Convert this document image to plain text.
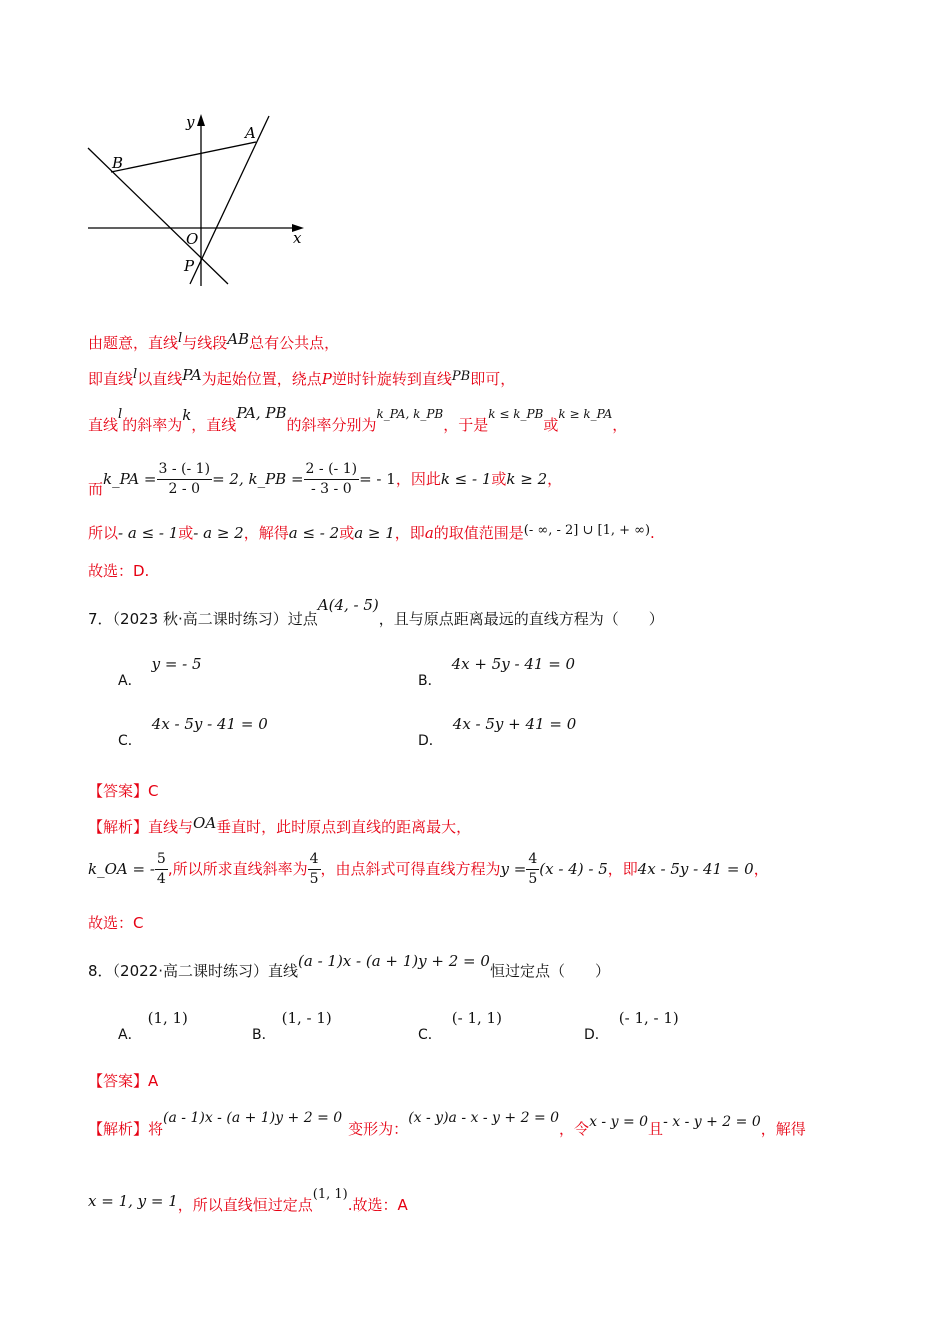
y
x
O
A
B
P
由题意，直线l与线段AB总有公共点，
即直线l以直线PA为起始位置，绕点P逆时针旋转到直线PB即可，
直线l的斜率为k，直线PA, PB的斜率分别为$^{k\_PA, k\_PB}$，于是$^{k \le k\_PB}$或$^{k \ge k\_PA}$，
而k_PA = $\frac{3 - (- 1)}{2 - 0} = 2$, k_PB = $\frac{2 - (- 1)}{- 3 - 0}$ = - 1，因此k ≤ - 1或k ≥ 2，
所以- a ≤ - 1或- a ≥ 2，解得a ≤ - 2或a ≥ 1，即a的取值范围是(- ∞, - 2] ∪ [1, + ∞).
故选：D.
7．（2023 秋·高二课时练习）过点A(4, - 5)，且与原点距离最远的直线方程为（　　）
A．y = - 5
B．4x + 5y - 41 = 0
C．4x - 5y - 41 = 0
D．4x - 5y + 41 = 0
【答案】C
【解析】直线与OA垂直时，此时原点到直线的距离最大，
k_OA = - $\frac{5}{4}$ ,所以所求直线斜率为 $\frac{4}{5}$ ，由点斜式可得直线方程为$y = \frac{4}{5} (x - 4) - 5$，即4x - 5y - 41 = 0，
故选：C
8．（2022·高二课时练习）直线(a - 1)x - (a + 1)y + 2 = 0恒过定点（　　）
A．(1, 1)
B．(1, - 1)
C．(- 1, 1)
D．(- 1, - 1)
【答案】A
【解析】将(a - 1)x - (a + 1)y + 2 = 0变形为：(x - y)a - x - y + 2 = 0，令x - y = 0且- x - y + 2 = 0，解得
x = 1, y = 1，所以直线恒过定点(1, 1).故选：A
